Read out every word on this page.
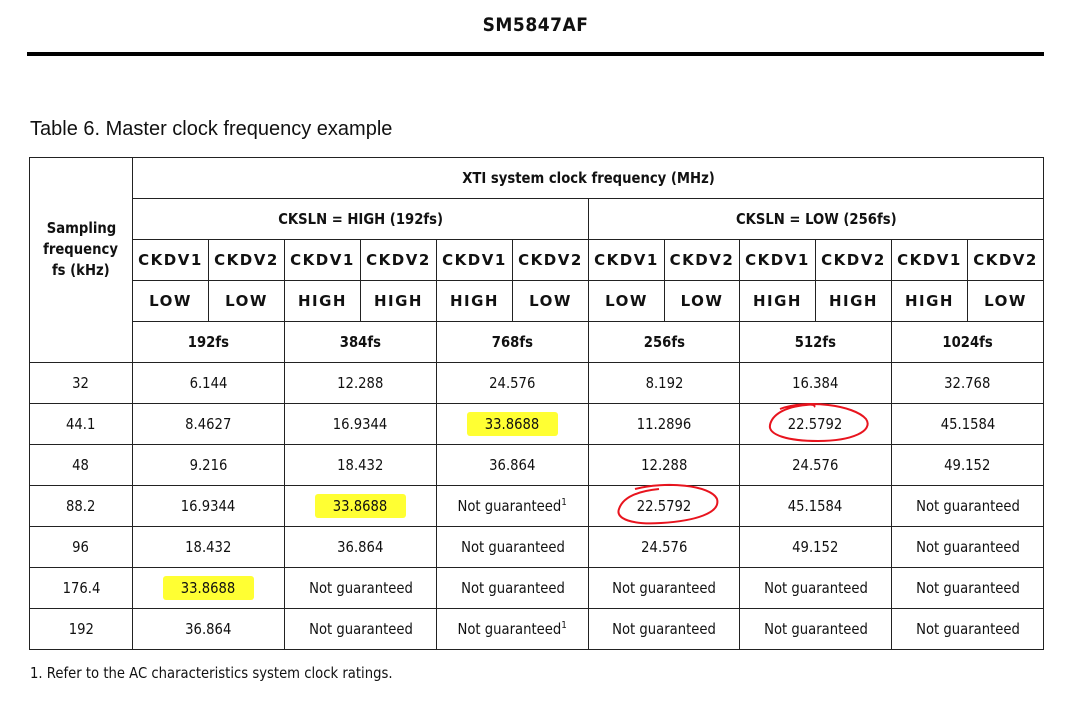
SM5847AF
Table 6. Master clock frequency example
Sampling
frequency
fs (kHz)	XTI system clock frequency (MHz)											
	CKSLN = HIGH (192fs)						CKSLN = LOW (256fs)					
	CKDV1	CKDV2	CKDV1	CKDV2	CKDV1	CKDV2	CKDV1	CKDV2	CKDV1	CKDV2	CKDV1	CKDV2
	LOW	LOW	HIGH	HIGH	HIGH	LOW	LOW	LOW	HIGH	HIGH	HIGH	LOW
	192fs		384fs		768fs		256fs		512fs		1024fs	
32	6.144		12.288		24.576		8.192		16.384		32.768	
44.1	8.4627		16.9344		33.8688		11.2896		22.5792		45.1584	
48	9.216		18.432		36.864		12.288		24.576		49.152	
88.2	16.9344		33.8688		Not guaranteed$^1$		22.5792		45.1584		Not guaranteed	
96	18.432		36.864		Not guaranteed		24.576		49.152		Not guaranteed	
176.4	33.8688		Not guaranteed		Not guaranteed		Not guaranteed		Not guaranteed		Not guaranteed	
192	36.864		Not guaranteed		Not guaranteed$^1$		Not guaranteed		Not guaranteed		Not guaranteed	
1. Refer to the AC characteristics system clock ratings.
